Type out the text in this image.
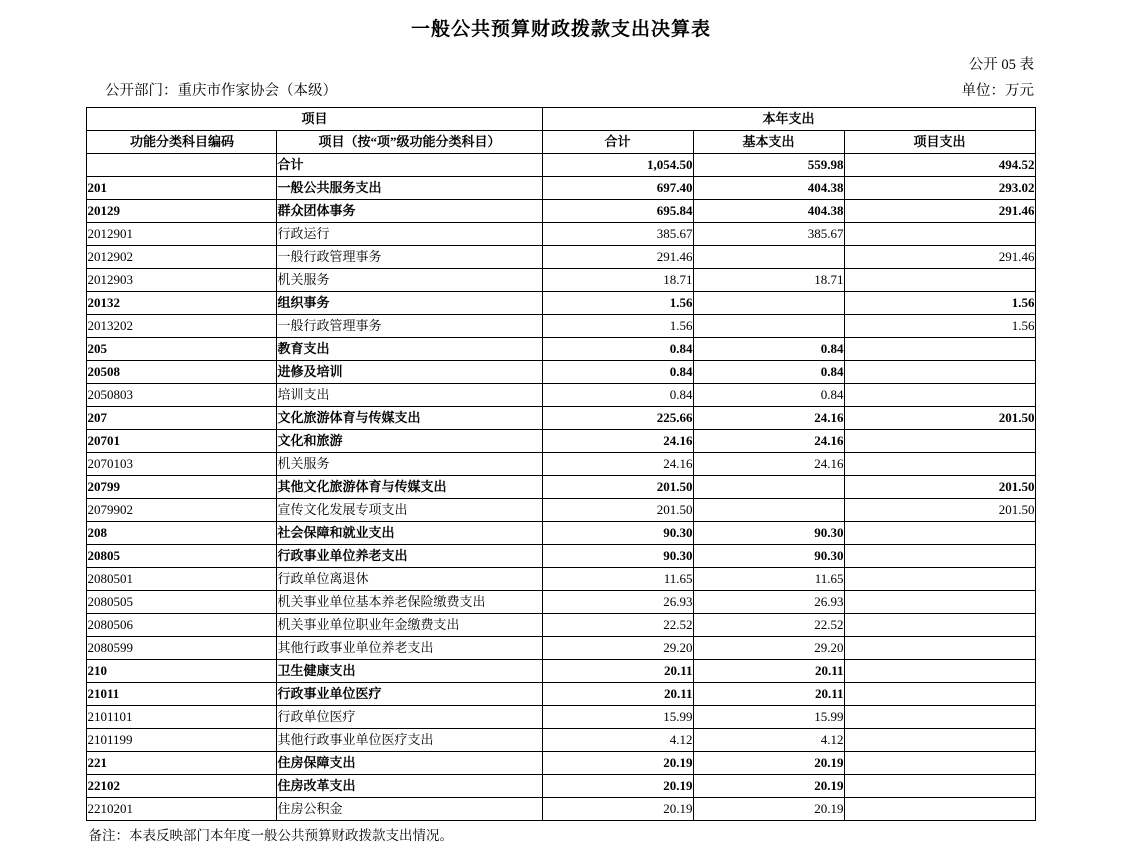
一般公共预算财政拨款支出决算表
公开 05 表
公开部门：重庆市作家协会（本级）	单位：万元
项目		本年支出		
功能分类科目编码	项目（按“项”级功能分类科目）	合计	基本支出	项目支出
	合计	1,054.50	559.98	494.52
201	一般公共服务支出	697.40	404.38	293.02
20129	群众团体事务	695.84	404.38	291.46
2012901	行政运行	385.67	385.67	
2012902	一般行政管理事务	291.46		291.46
2012903	机关服务	18.71	18.71	
20132	组织事务	1.56		1.56
2013202	一般行政管理事务	1.56		1.56
205	教育支出	0.84	0.84	
20508	进修及培训	0.84	0.84	
2050803	培训支出	0.84	0.84	
207	文化旅游体育与传媒支出	225.66	24.16	201.50
20701	文化和旅游	24.16	24.16	
2070103	机关服务	24.16	24.16	
20799	其他文化旅游体育与传媒支出	201.50		201.50
2079902	宣传文化发展专项支出	201.50		201.50
208	社会保障和就业支出	90.30	90.30	
20805	行政事业单位养老支出	90.30	90.30	
2080501	行政单位离退休	11.65	11.65	
2080505	机关事业单位基本养老保险缴费支出	26.93	26.93	
2080506	机关事业单位职业年金缴费支出	22.52	22.52	
2080599	其他行政事业单位养老支出	29.20	29.20	
210	卫生健康支出	20.11	20.11	
21011	行政事业单位医疗	20.11	20.11	
2101101	行政单位医疗	15.99	15.99	
2101199	其他行政事业单位医疗支出	4.12	4.12	
221	住房保障支出	20.19	20.19	
22102	住房改革支出	20.19	20.19	
2210201	住房公积金	20.19	20.19	
备注：本表反映部门本年度一般公共预算财政拨款支出情况。
